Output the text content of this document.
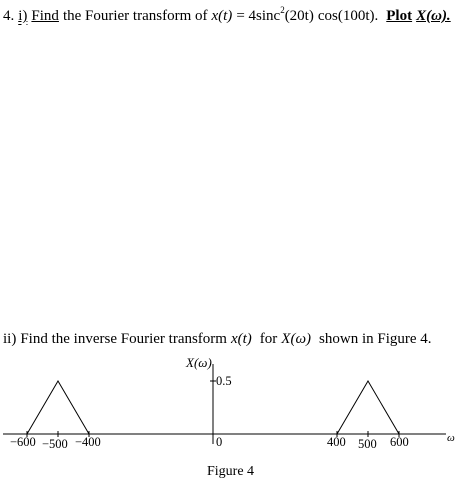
4. i) Find the Fourier transform of x(t) = 4sinc$^2$(20t) cos(100t). Plot X(ω).
ii) Find the inverse Fourier transform x(t) for X(ω) shown in Figure 4.
X(ω)
0.5
0
−600 −500 −400	400 500 600	ω
Figure 4
